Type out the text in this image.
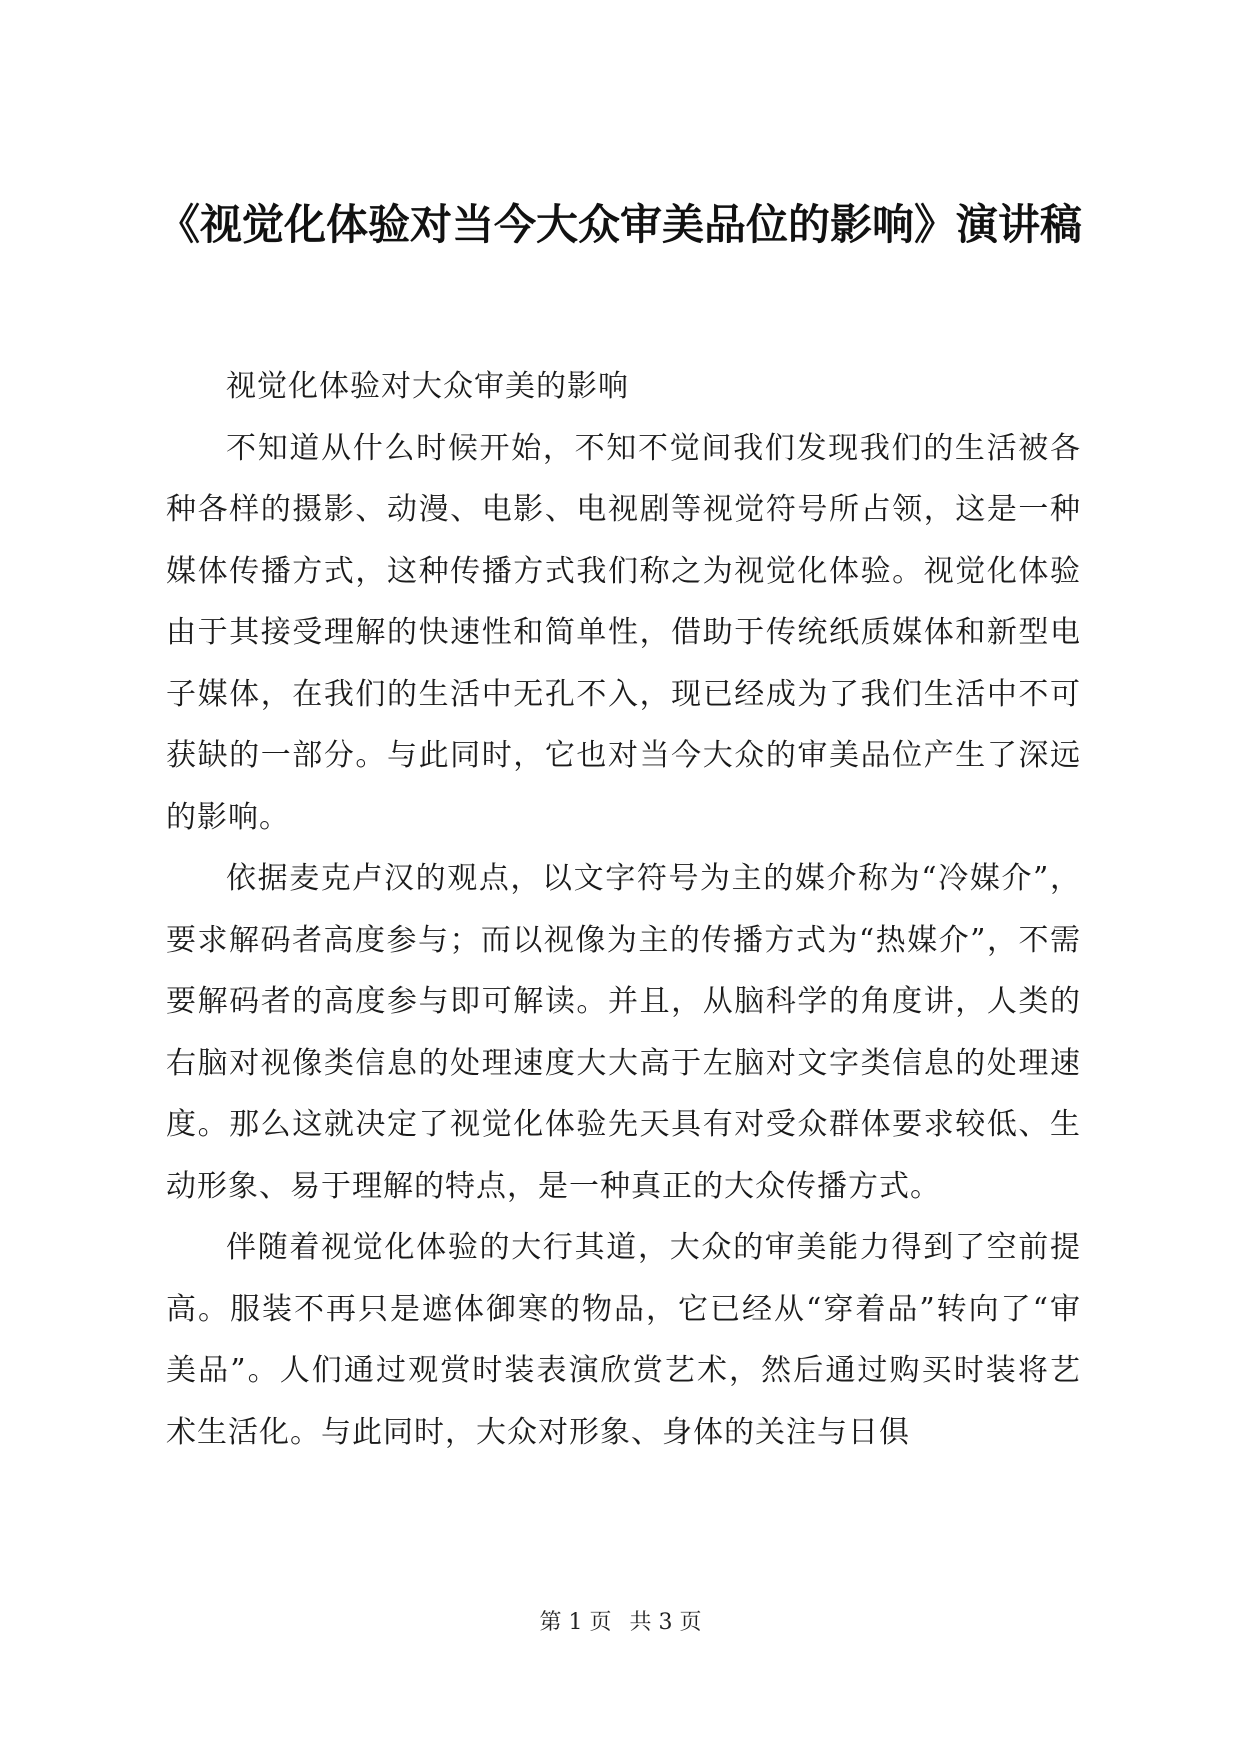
《视觉化体验对当今大众审美品位的影响》演讲稿

视觉化体验对大众审美的影响

不知道从什么时候开始，不知不觉间我们发现我们的生活被各种各样的摄影、动漫、电影、电视剧等视觉符号所占领，这是一种媒体传播方式，这种传播方式我们称之为视觉化体验。视觉化体验由于其接受理解的快速性和简单性，借助于传统纸质媒体和新型电子媒体，在我们的生活中无孔不入，现已经成为了我们生活中不可获缺的一部分。与此同时，它也对当今大众的审美品位产生了深远的影响。

依据麦克卢汉的观点，以文字符号为主的媒介称为“冷媒介”，要求解码者高度参与；而以视像为主的传播方式为“热媒介”，不需要解码者的高度参与即可解读。并且，从脑科学的角度讲，人类的右脑对视像类信息的处理速度大大高于左脑对文字类信息的处理速度。那么这就决定了视觉化体验先天具有对受众群体要求较低、生动形象、易于理解的特点，是一种真正的大众传播方式。

伴随着视觉化体验的大行其道，大众的审美能力得到了空前提高。服装不再只是遮体御寒的物品，它已经从“穿着品”转向了“审美品”。人们通过观赏时装表演欣赏艺术，然后通过购买时装将艺术生活化。与此同时，大众对形象、身体的关注与日俱

第 1 页 共 3 页
